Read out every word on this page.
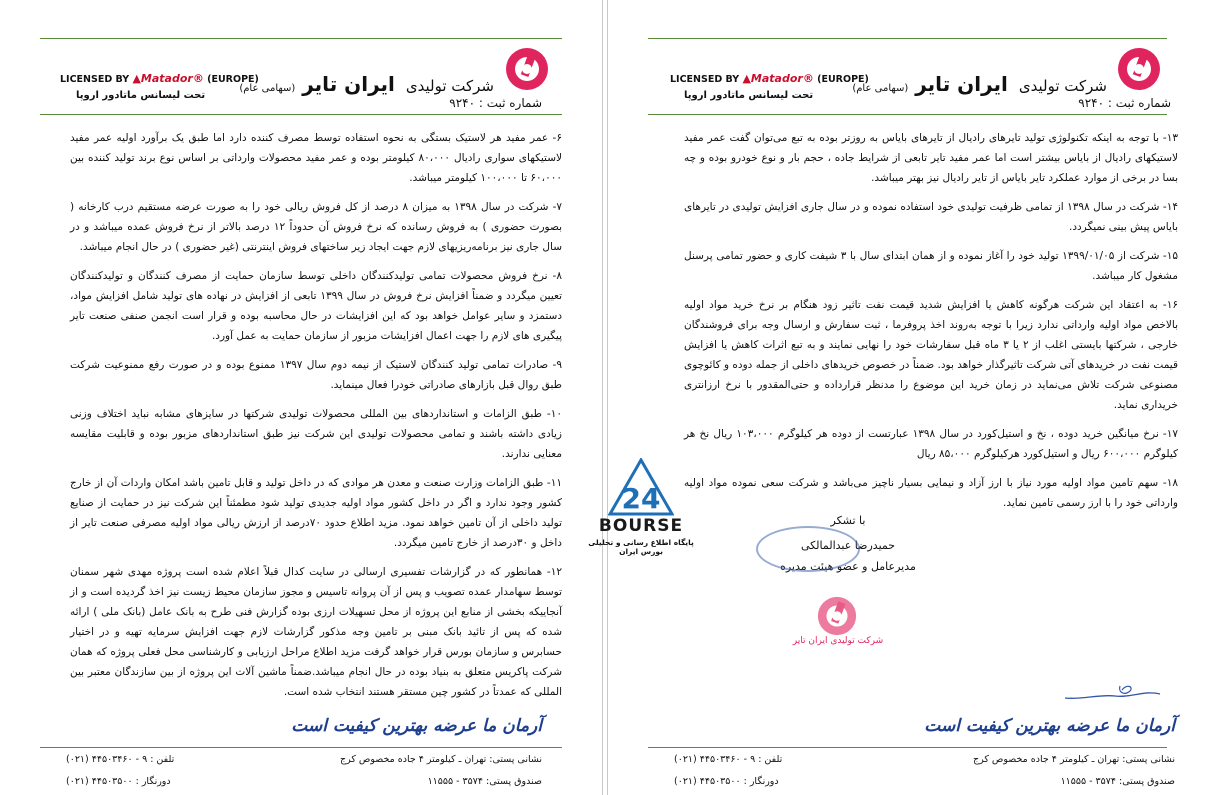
شرکت تولیدی ایران تایر (سهامی عام)
شماره ثبت : ۹۲۴۰
LICENSED BY ▲Matador® (EUROPE)
تحت لیسانس ماتادور اروپا

۶- عمر مفید هر لاستیک بستگی به نحوه استفاده توسط مصرف کننده دارد اما طبق یک برآورد اولیه عمر مفید لاستیکهای سواری رادیال ۸۰،۰۰۰ کیلومتر بوده و عمر مفید محصولات وارداتی بر اساس نوع برند تولید کننده بین ۶۰،۰۰۰ تا ۱۰۰،۰۰۰ کیلومتر میباشد.

۷- شرکت در سال ۱۳۹۸ به میزان ۸ درصد از کل فروش ریالی خود را به صورت عرضه مستقیم درب کارخانه ( بصورت حضوری ) به فروش رسانده که نرخ فروش آن حدوداً ۱۲ درصد بالاتر از نرخ فروش عمده میباشد و در سال جاری نیز برنامه‌ریزیهای لازم جهت ایجاد زیر ساختهای فروش اینترنتی (غیر حضوری ) در حال انجام میباشد.

۸- نرخ فروش محصولات تمامی تولیدکنندگان داخلی توسط سازمان حمایت از مصرف کنندگان و تولیدکنندگان تعیین میگردد و ضمناً افزایش نرخ فروش در سال ۱۳۹۹ تابعی از افزایش در نهاده های تولید شامل افزایش مواد، دستمزد و سایر عوامل خواهد بود که این افزایشات در حال محاسبه بوده و قرار است انجمن صنفی صنعت تایر پیگیری های لازم را جهت اعمال افزایشات مزبور از سازمان حمایت به عمل آورد.

۹- صادرات تمامی تولید کنندگان لاستیک از نیمه دوم سال ۱۳۹۷ ممنوع بوده و در صورت رفع ممنوعیت شرکت طبق روال قبل بازارهای صادراتی خودرا فعال مینماید.

۱۰- طبق الزامات و استانداردهای بین المللی محصولات تولیدی شرکتها در سایزهای مشابه نباید اختلاف وزنی زیادی داشته باشند و تمامی محصولات تولیدی این شرکت نیز طبق استانداردهای مزبور بوده و قابلیت مقایسه معنایی ندارند.

۱۱- طبق الزامات وزارت صنعت و معدن هر موادی که در داخل تولید و قابل تامین باشد امکان واردات آن از خارج کشور وجود ندارد و اگر در داخل کشور مواد اولیه جدیدی تولید شود مطمئناً این شرکت نیز در حمایت از صنایع تولید داخلی از آن تامین خواهد نمود. مزید اطلاع حدود ۷۰درصد از ارزش ریالی مواد اولیه مصرفی صنعت تایر از داخل و ۳۰درصد از خارج تامین میگردد.

۱۲- همانطور که در گزارشات تفسیری ارسالی در سایت کدال قبلاً اعلام شده است پروژه مهدی شهر سمنان توسط سهامدار عمده تصویب و پس از آن پروانه تاسیس و مجوز سازمان محیط زیست نیز اخذ گردیده است و از آنجاییکه بخشی از منابع این پروژه از محل تسهیلات ارزی بوده گزارش فنی طرح به بانک عامل (بانک ملی ) ارائه شده که پس از تائید بانک مبنی بر تامین وجه مذکور گزارشات لازم جهت افزایش سرمایه تهیه و در اختیار حسابرس و سازمان بورس قرار خواهد گرفت مزید اطلاع مراحل ارزیابی و کارشناسی محل فعلی پروژه که همان شرکت پاکریس متعلق به بنیاد بوده در حال انجام میباشد.ضمناً ماشین آلات این پروژه از بین سازندگان معتبر بین المللی که عمدتاً در کشور چین مستقر هستند انتخاب شده است.

آرمان ما عرضه بهترین کیفیت است
نشانی پستی: تهران ـ کیلومتر ۴ جاده مخصوص کرج
صندوق پستی: ۳۵۷۴ - ۱۱۵۵۵
تلفن : ۹ - ۴۴۵۰۳۴۶۰ (۰۲۱)
دورنگار : ۴۴۵۰۳۵۰۰ (۰۲۱)
شرکت تولیدی ایران تایر (سهامی عام)
شماره ثبت : ۹۲۴۰
LICENSED BY ▲Matador® (EUROPE)
تحت لیسانس ماتادور اروپا

۱۳- با توجه به اینکه تکنولوژی تولید تایرهای رادیال از تایرهای بایاس به روزتر بوده به تبع می‌توان گفت عمر مفید لاستیکهای رادیال از بایاس بیشتر است اما عمر مفید تایر تابعی از شرایط جاده ، حجم بار و نوع خودرو بوده و چه بسا در برخی از موارد عملکرد تایر بایاس از تایر رادیال نیز بهتر میباشد.

۱۴- شرکت در سال ۱۳۹۸ از تمامی ظرفیت تولیدی خود استفاده نموده و در سال جاری افزایش تولیدی در تایرهای بایاس پیش بینی نمیگردد.

۱۵- شرکت از ۱۳۹۹/۰۱/۰۵ تولید خود را آغاز نموده و از همان ابتدای سال با ۳ شیفت کاری و حضور تمامی پرسنل مشغول کار میباشد.

۱۶- به اعتقاد این شرکت هرگونه کاهش یا افزایش شدید قیمت نفت تاثیر زود هنگام بر نرخ خرید مواد اولیه بالاخص مواد اولیه وارداتی ندارد زیرا با توجه به‌روند اخذ پروفرما ، ثبت سفارش و ارسال وجه برای فروشندگان خارجی ، شرکتها بایستی اغلب از ۲ یا ۳ ماه قبل سفارشات خود را نهایی نمایند و به تبع اثرات کاهش یا افزایش قیمت نفت در خریدهای آتی شرکت تاثیرگذار خواهد بود. ضمناً در خصوص خریدهای داخلی از جمله دوده و کائوچوی مصنوعی شرکت تلاش می‌نماید در زمان خرید این موضوع را مدنظر قرارداده و حتی‌المقدور با نرخ ارزانتری خریداری نماید.

۱۷- نرخ میانگین خرید دوده ، نخ و استیل‌کورد در سال ۱۳۹۸ عبارتست از دوده هر کیلوگرم ۱۰۳،۰۰۰ ریال نخ هر کیلوگرم ۶۰۰،۰۰۰ ریال و استیل‌کورد هرکیلوگرم ۸۵،۰۰۰ ریال

۱۸- سهم تامین مواد اولیه مورد نیاز با ارز آزاد و نیمایی بسیار ناچیز می‌باشد و شرکت سعی نموده مواد اولیه وارداتی خود را با ارز رسمی تامین نماید.

با تشکر
حمیدرضا عبدالمالکی
مدیرعامل و عضو هیئت مدیره
شرکت تولیدی ایران تایر
آرمان ما عرضه بهترین کیفیت است
نشانی پستی: تهران ـ کیلومتر ۴ جاده مخصوص کرج
صندوق پستی: ۳۵۷۴ - ۱۱۵۵۵
تلفن : ۹ - ۴۴۵۰۳۴۶۰ (۰۲۱)
دورنگار : ۴۴۵۰۳۵۰۰ (۰۲۱)
24
BOURSE
پایگاه اطلاع رسانی و تحلیلی بورس ایران
